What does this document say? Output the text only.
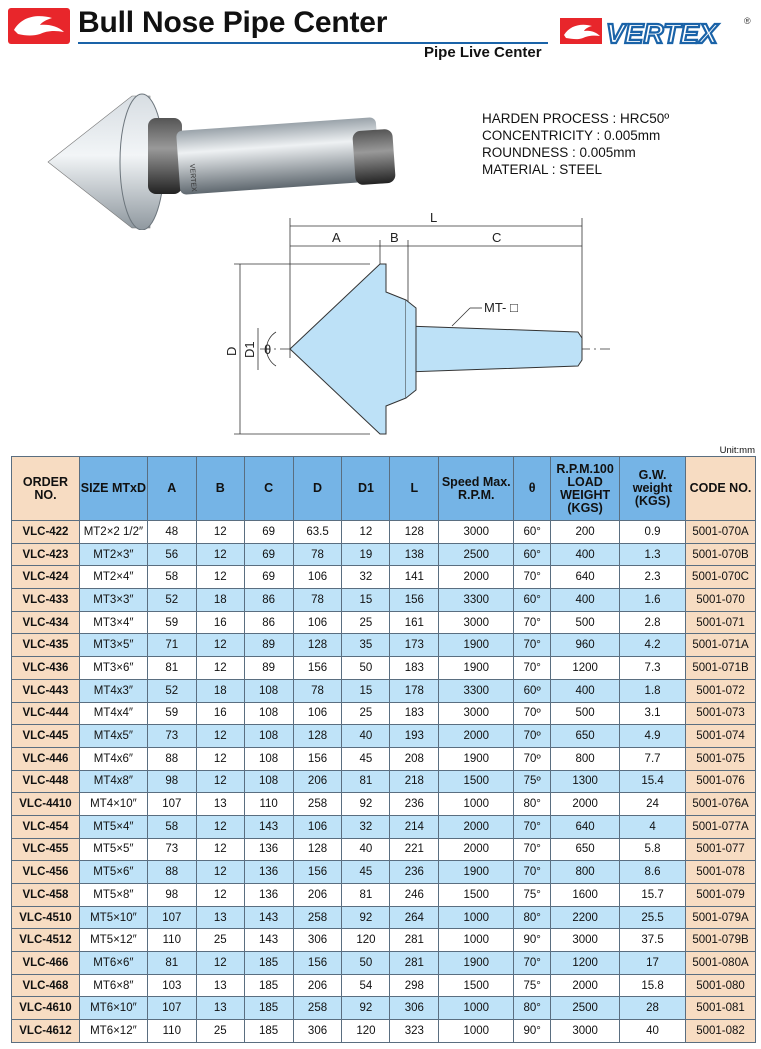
Bull Nose Pipe Center
Pipe Live Center
VERTEX	®
HARDEN PROCESS : HRC50º
CONCENTRICITY : 0.005mm
ROUNDNESS : 0.005mm
MATERIAL : STEEL
VERTEX
L
A	B	C
D D1 θ
MT- □
Unit:mm
ORDER NO.	SIZE MTxD	A	B	C	D	D1	L	Speed Max. R.P.M.	θ	R.P.M.100 LOAD WEIGHT (KGS)	G.W. weight (KGS)	CODE NO.
VLC-422	MT2×2 1/2″	48	12	69	63.5	12	128	3000	60°	200	0.9	5001-070A
VLC-423	MT2×3″	56	12	69	78	19	138	2500	60°	400	1.3	5001-070B
VLC-424	MT2×4″	58	12	69	106	32	141	2000	70°	640	2.3	5001-070C
VLC-433	MT3×3″	52	18	86	78	15	156	3300	60°	400	1.6	5001-070
VLC-434	MT3×4″	59	16	86	106	25	161	3000	70°	500	2.8	5001-071
VLC-435	MT3×5″	71	12	89	128	35	173	1900	70°	960	4.2	5001-071A
VLC-436	MT3×6″	81	12	89	156	50	183	1900	70°	1200	7.3	5001-071B
VLC-443	MT4x3″	52	18	108	78	15	178	3300	60º	400	1.8	5001-072
VLC-444	MT4x4″	59	16	108	106	25	183	3000	70º	500	3.1	5001-073
VLC-445	MT4x5″	73	12	108	128	40	193	2000	70º	650	4.9	5001-074
VLC-446	MT4x6″	88	12	108	156	45	208	1900	70º	800	7.7	5001-075
VLC-448	MT4x8″	98	12	108	206	81	218	1500	75º	1300	15.4	5001-076
VLC-4410	MT4×10″	107	13	110	258	92	236	1000	80°	2000	24	5001-076A
VLC-454	MT5×4″	58	12	143	106	32	214	2000	70°	640	4	5001-077A
VLC-455	MT5×5″	73	12	136	128	40	221	2000	70°	650	5.8	5001-077
VLC-456	MT5×6″	88	12	136	156	45	236	1900	70°	800	8.6	5001-078
VLC-458	MT5×8″	98	12	136	206	81	246	1500	75°	1600	15.7	5001-079
VLC-4510	MT5×10″	107	13	143	258	92	264	1000	80°	2200	25.5	5001-079A
VLC-4512	MT5×12″	110	25	143	306	120	281	1000	90°	3000	37.5	5001-079B
VLC-466	MT6×6″	81	12	185	156	50	281	1900	70°	1200	17	5001-080A
VLC-468	MT6×8″	103	13	185	206	54	298	1500	75°	2000	15.8	5001-080
VLC-4610	MT6×10″	107	13	185	258	92	306	1000	80°	2500	28	5001-081
VLC-4612	MT6×12″	110	25	185	306	120	323	1000	90°	3000	40	5001-082
